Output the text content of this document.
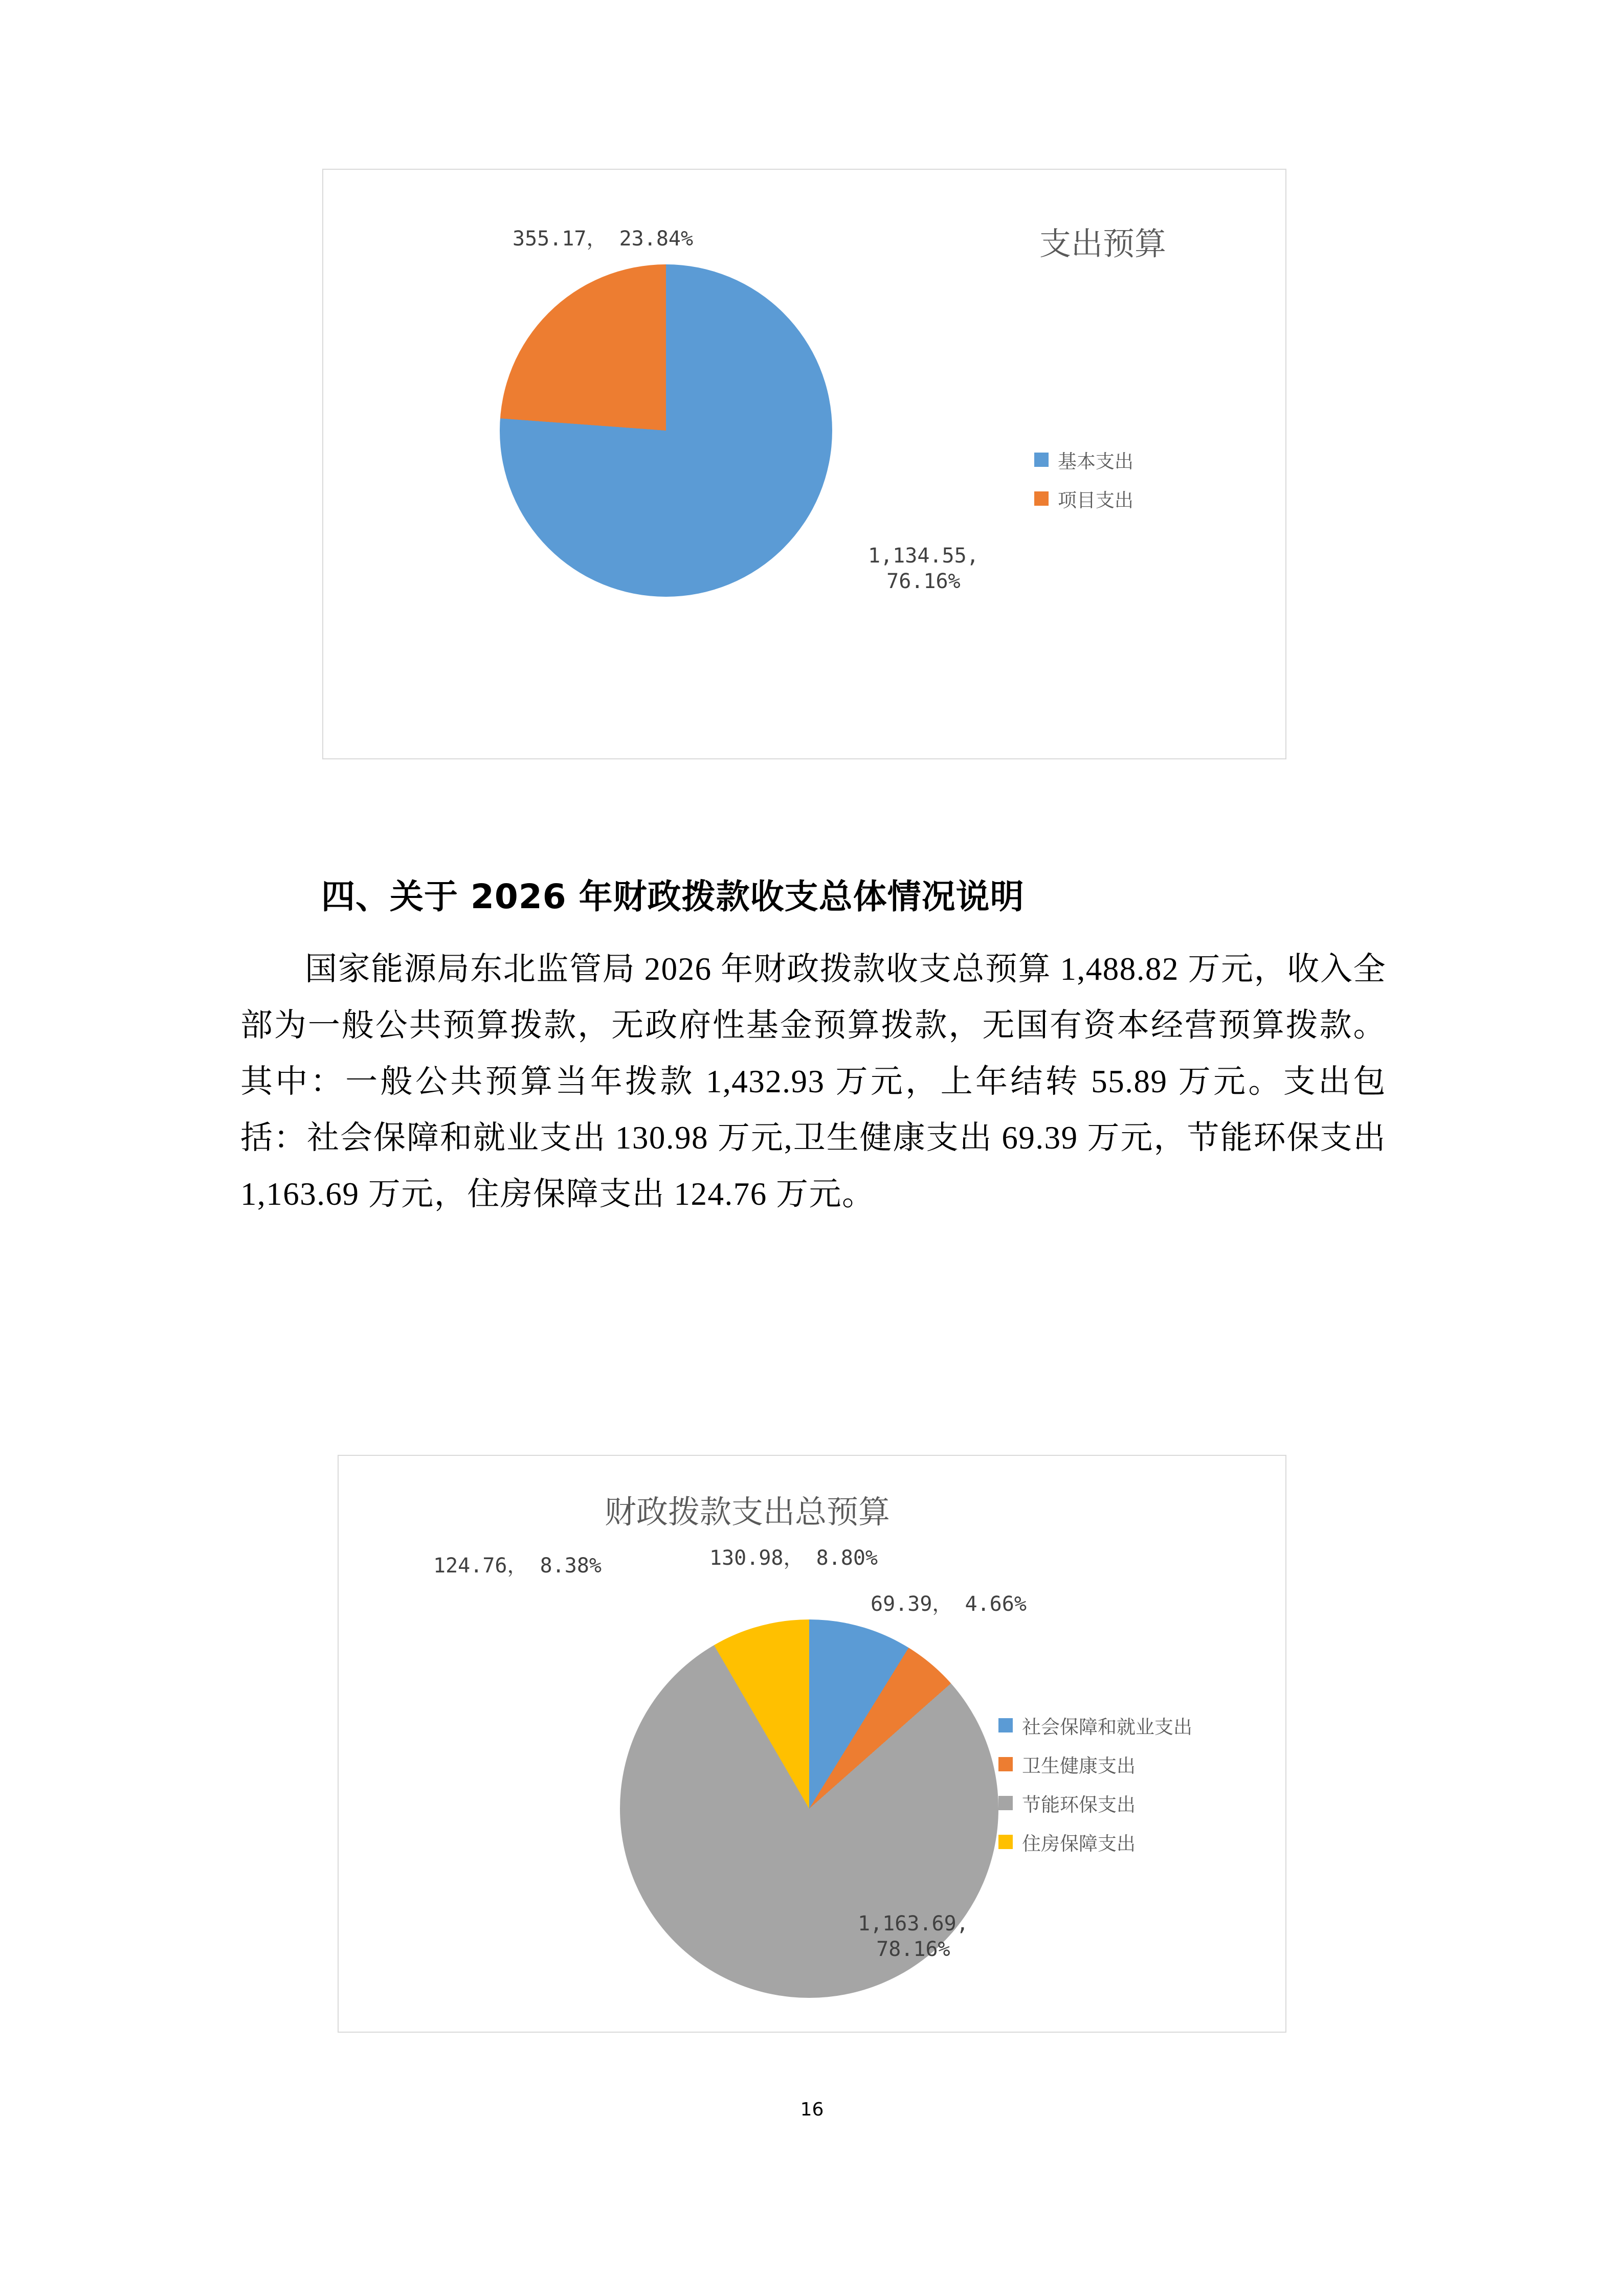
支出预算
355.17， 23.84%
1,134.55,
76.16%
基本支出
项目支出
四、关于 2026 年财政拨款收支总体情况说明

国家能源局东北监管局 2026 年财政拨款收支总预算 1,488.82 万元，收入全部为一般公共预算拨款，无政府性基金预算拨款，无国有资本经营预算拨款。其中：一般公共预算当年拨款 1,432.93 万元，上年结转 55.89 万元。支出包括：社会保障和就业支出 130.98 万元,卫生健康支出 69.39 万元，节能环保支出 1,163.69 万元，住房保障支出 124.76 万元。

财政拨款支出总预算
124.76， 8.38%	130.98， 8.80%
69.39， 4.66%
1,163.69,
78.16%
社会保障和就业支出
卫生健康支出
节能环保支出
住房保障支出
16
